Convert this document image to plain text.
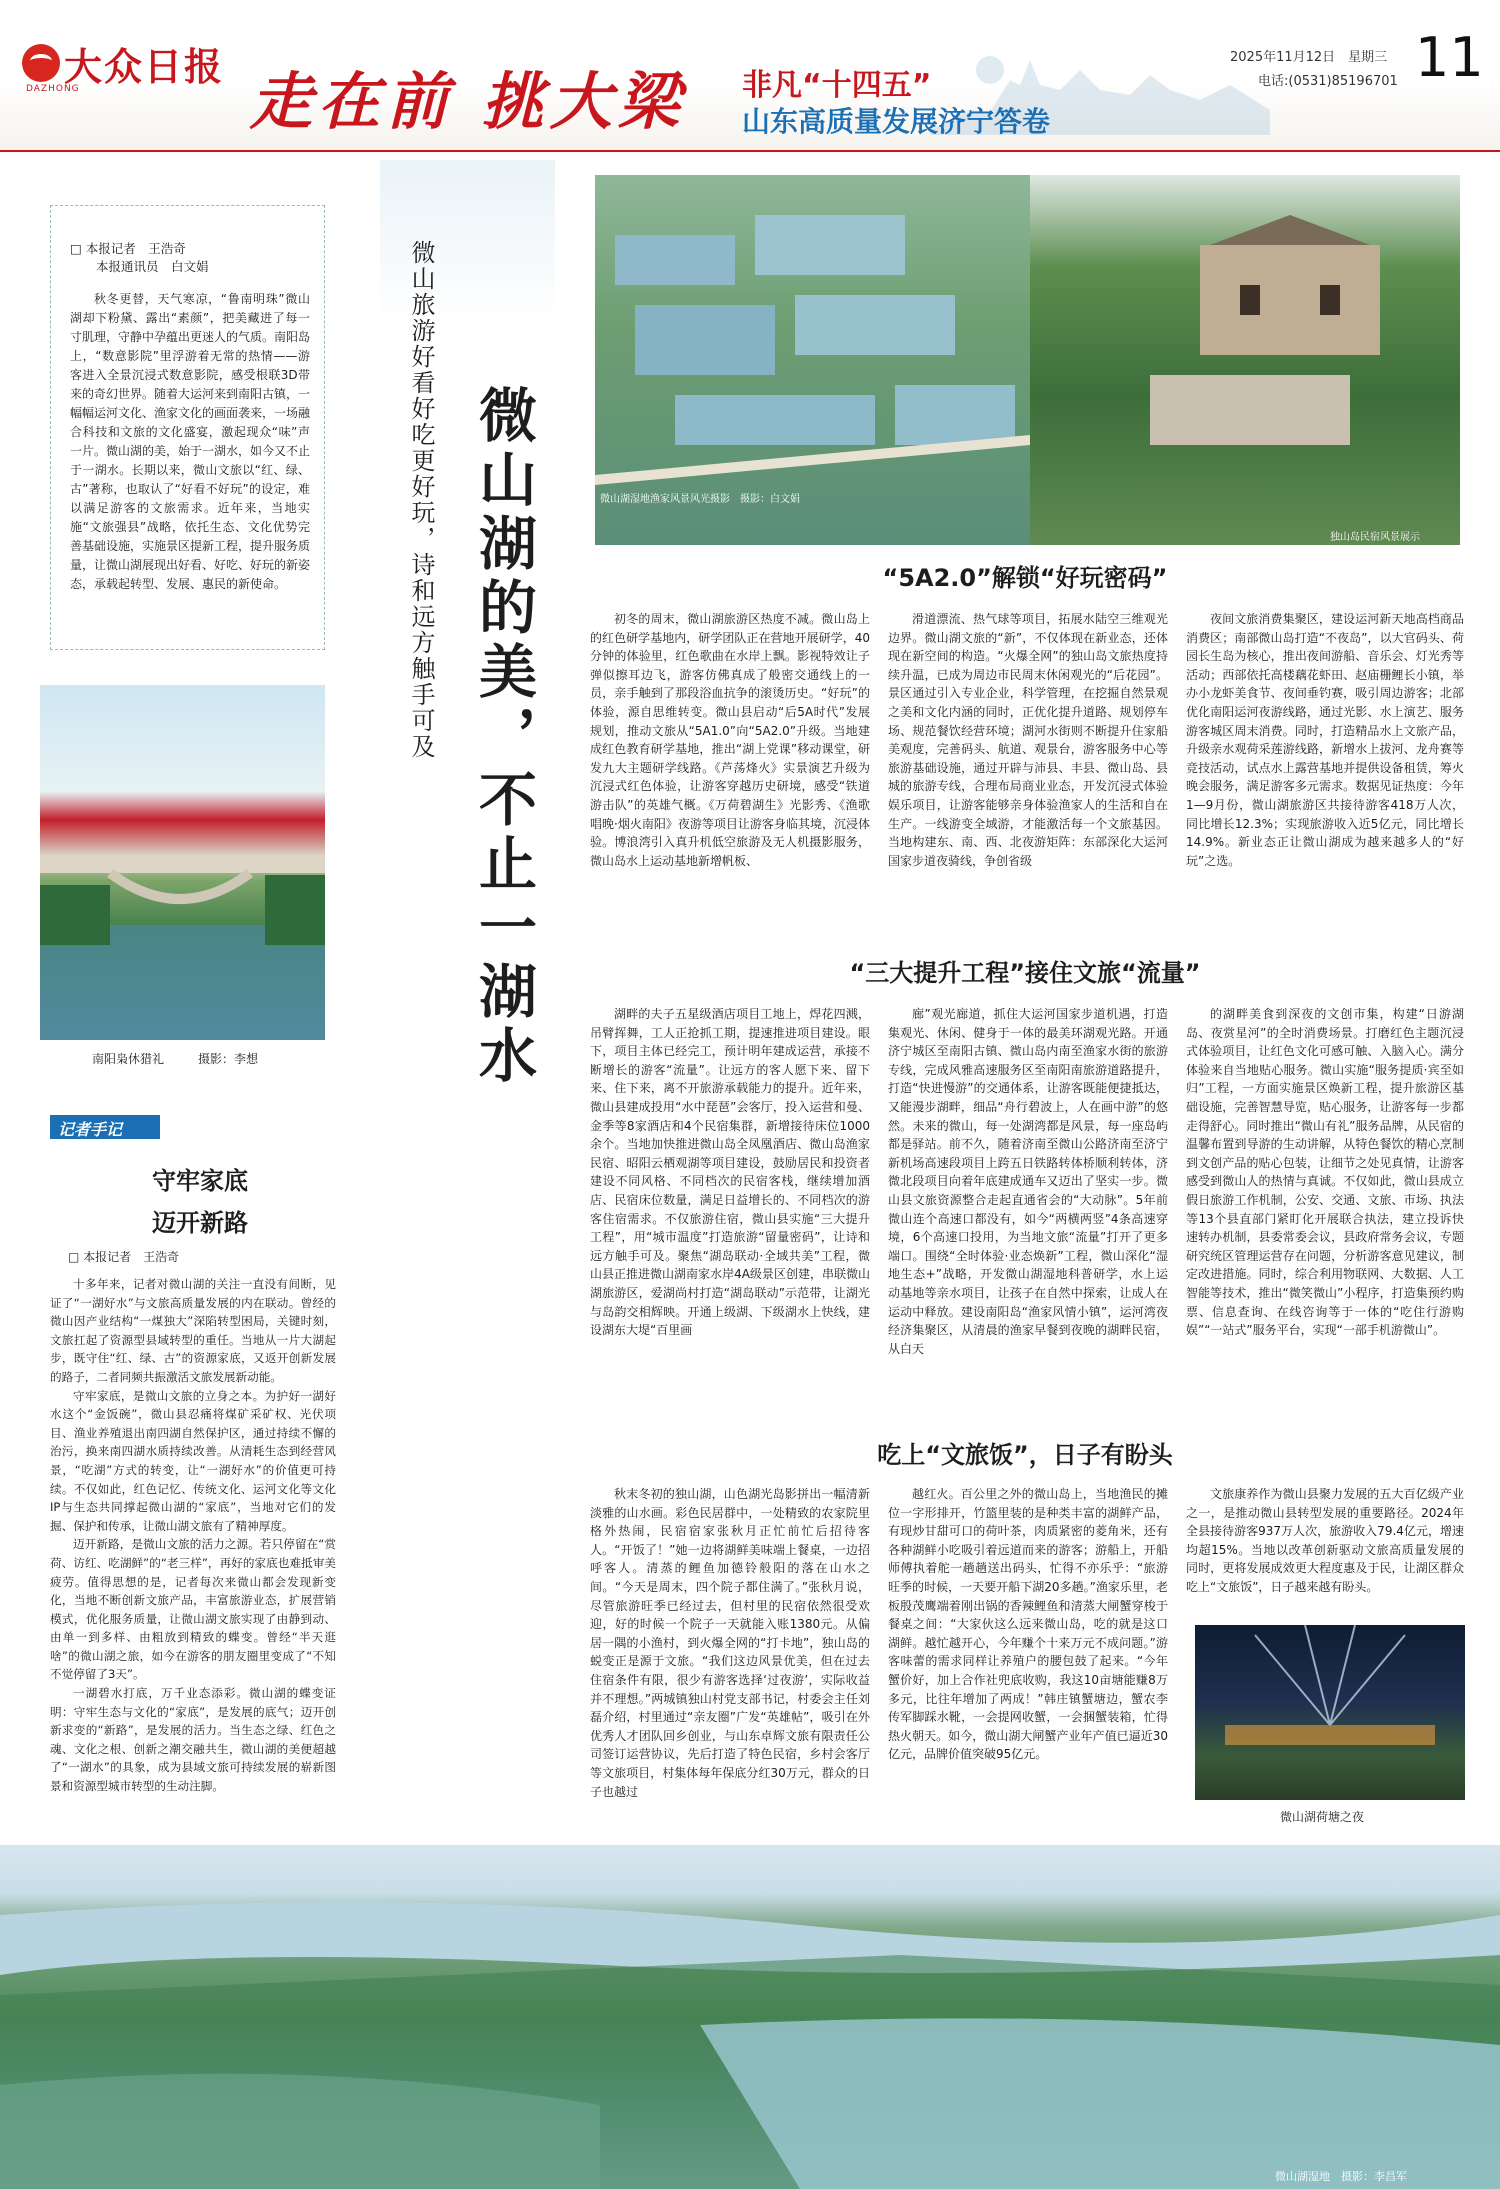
大众日报
DAZHONG	走在前 挑大梁 非凡“十四五”
山东高质量发展济宁答卷
2025年11月12日　星期三
电话:(0531)85196701 11
□ 本报记者　王浩奇
本报通讯员　白文娟
秋冬更替，天气寒凉，“鲁南明珠”微山湖却下粉黛、露出“素颜”，把美藏进了每一寸肌理，守静中孕蕴出更迷人的气质。南阳岛上，“数意影院”里浮游着无常的热情——游客进入全景沉浸式数意影院，感受根联3D带来的奇幻世界。随着大运河来到南阳古镇，一幅幅运河文化、渔家文化的画面袭来，一场融合科技和文旅的文化盛宴，激起现众“味”声一片。微山湖的美，始于一湖水，如今又不止于一湖水。长期以来，微山文旅以“红、绿、古”著称，也取认了“好看不好玩”的设定，难以满足游客的文旅需求。近年来，当地实施“文旅强县”战略，依托生态、文化优势完善基础设施，实施景区提新工程，提升服务质量，让微山湖展现出好看、好吃、好玩的新姿态，承载起转型、发展、惠民的新使命。
南阳枭休猎礼	摄影：李想
记者手记
守牢家底
迈开新路
□ 本报记者　王浩奇

十多年来，记者对微山湖的关注一直没有间断，见证了“一湖好水”与文旅高质量发展的内在联动。曾经的微山因产业结构“一煤独大”深陷转型困局，关键时刻，文旅扛起了资源型县域转型的重任。当地从一片大湖起步，既守住“红、绿、古”的资源家底，又返开创新发展的路子，二者同频共振激活文旅发展新动能。

守牢家底，是微山文旅的立身之本。为护好一湖好水这个“金饭碗”，微山县忍痛将煤矿采矿权、光伏项目、渔业养殖退出南四湖自然保护区，通过持续不懈的治污，换来南四湖水质持续改善。从清耗生态到经营风景，“吃湖”方式的转变，让“一湖好水”的价值更可持续。不仅如此，红色记忆、传统文化、运河文化等文化IP与生态共同撑起微山湖的“家底”，当地对它们的发掘、保护和传承，让微山湖文旅有了精神厚度。

迈开新路，是微山文旅的活力之源。若只停留在“赏荷、访红、吃湖鲜”的“老三样”，再好的家底也难抵审美疲劳。值得思想的是，记者每次来微山都会发现新变化，当地不断创新文旅产品，丰富旅游业态，扩展营销模式，优化服务质量，让微山湖文旅实现了由静到动、由单一到多样、由粗放到精致的蝶变。曾经“半天逛啥”的微山湖之旅，如今在游客的朋友圈里变成了“不知不觉停留了3天”。

一湖碧水打底，万千业态添彩。微山湖的蝶变证明：守牢生态与文化的“家底”，是发展的底气；迈开创新求变的“新路”，是发展的活力。当生态之绿、红色之魂、文化之根、创新之潮交融共生，微山湖的美便超越了“一湖水”的具象，成为县域文旅可持续发展的崭新图景和资源型城市转型的生动注脚。

微山旅游好看好吃更好玩，诗和远方触手可及 微山湖的美，不止一湖水	微山湖湿地渔家风景风光摄影　摄影：白文娟
独山岛民宿风景展示
“5A2.0”解锁“好玩密码”

初冬的周末，微山湖旅游区热度不减。微山岛上的红色研学基地内，研学团队正在营地开展研学，40分钟的体验里，红色歌曲在水岸上飘。影视特效让子弹似擦耳边飞，游客仿佛真成了般密交通线上的一员，亲手触到了那段浴血抗争的滚烫历史。“好玩”的体验，源自思维转变。微山县启动“后5A时代”发展规划，推动文旅从“5A1.0”向“5A2.0”升级。当地建成红色教育研学基地，推出“湖上党课”移动课堂，研发九大主题研学线路。《芦荡烽火》实景演艺升级为沉浸式红色体验，让游客穿越历史研境，感受“铁道游击队”的英雄气概。《万荷碧湖生》光影秀、《渔歌唱晚·烟火南阳》夜游等项目让游客身临其境，沉浸体验。博浪湾引入真升机低空旅游及无人机摄影服务，微山岛水上运动基地新增帆板、

滑道漂流、热气球等项目，拓展水陆空三维观光边界。微山湖文旅的“新”，不仅体现在新业态，还体现在新空间的构造。“火爆全网”的独山岛文旅热度持续升温，已成为周边市民周末休闲观光的“后花园”。景区通过引入专业企业，科学管理，在挖掘自然景观之美和文化内涵的同时，正优化提升道路、规划停车场、规范餐饮经营环境；湖河水街则不断提升住家船美观度，完善码头、航道、观景台，游客服务中心等旅游基础设施，通过开辟与沛县、丰县、微山岛、县城的旅游专线，合理布局商业业态，开发沉浸式体验娱乐项目，让游客能够亲身体验渔家人的生活和自在生产。一线游变全域游，才能激活每一个文旅基因。当地构建东、南、西、北夜游矩阵：东部深化大运河国家步道夜骑线，争创省级

夜间文旅消费集聚区，建设运河新天地高档商品消费区；南部微山岛打造“不夜岛”，以大官码头、荷园长生岛为核心，推出夜间游船、音乐会、灯光秀等活动；西部依托高楼藕花虾田、赵庙栅鲤长小镇，举办小龙虾美食节、夜间垂钓赛，吸引周边游客；北部优化南阳运河夜游线路，通过光影、水上演艺、服务游客城区周末消费。同时，打造精品水上文旅产品，升级亲水观荷采莲游线路，新增水上拔河、龙舟赛等竞技活动，试点水上露营基地并提供设备租赁，筹火晚会服务，满足游客多元需求。数据见证热度：今年1—9月份，微山湖旅游区共接待游客418万人次，同比增长12.3%；实现旅游收入近5亿元，同比增长14.9%。新业态正让微山湖成为越来越多人的“好玩”之选。

“三大提升工程”接住文旅“流量”

湖畔的夫子五星级酒店项目工地上，焊花四溅，吊臂挥舞，工人正抢抓工期，提速推进项目建设。眼下，项目主体已经完工，预计明年建成运营，承接不断增长的游客“流量”。让远方的客人愿下来、留下来、住下来，离不开旅游承载能力的提升。近年来，微山县建成投用“水中琵琶”会客厅，投入运营和曼、金季等8家酒店和4个民宿集群，新增接待床位1000余个。当地加快推进微山岛全凤凰酒店、微山岛渔家民宿、昭阳云栖观湖等项目建设，鼓励居民和投资者建设不同风格、不同档次的民宿客栈，继续增加酒店、民宿床位数量，满足日益增长的、不同档次的游客住宿需求。不仅旅游住宿，微山县实施“三大提升工程”，用“城市温度”打造旅游“留量密码”，让诗和远方触手可及。聚焦“湖岛联动·全域共美”工程，微山县正推进微山湖南家水岸4A级景区创建，串联微山湖旅游区，爱湖尚村打造“湖岛联动”示范带，让湖光与岛韵交相辉映。开通上级湖、下级湖水上快线，建设湖东大堤“百里画

廊”观光廊道，抓住大运河国家步道机遇，打造集观光、休闲、健身于一体的最美环湖观光路。开通济宁城区至南阳古镇、微山岛内南至渔家水街的旅游专线，完成风雅高速服务区至南阳南旅游道路提升，打造“快进慢游”的交通体系，让游客既能便捷抵达，又能漫步湖畔，细品“舟行碧波上，人在画中游”的悠然。未来的微山，每一处湖湾都是风景，每一座岛屿都是驿站。前不久，随着济南至微山公路济南至济宁新机场高速段项目上跨五日铁路转体桥顺利转体，济微北段项目向着年底建成通车又迈出了坚实一步。微山县文旅资源整合走起直通省会的“大动脉”。5年前微山连个高速口都没有，如今“两横两竖”4条高速穿境，6个高速口投用，为当地文旅“流量”打开了更多端口。围绕“全时体验·业态焕新”工程，微山深化“湿地生态+”战略，开发微山湖湿地科普研学，水上运动基地等亲水项目，让孩子在自然中探索，让成人在运动中释放。建设南阳岛“渔家风情小镇”，运河湾夜经济集聚区，从清晨的渔家早餐到夜晚的湖畔民宿，从白天

的湖畔美食到深夜的文创市集，构建“日游湖岛、夜赏星河”的全时消费场景。打磨红色主题沉浸式体验项目，让红色文化可感可触、入脑入心。满分体验来自当地贴心服务。微山实施“服务提质·宾至如归”工程，一方面实施景区焕新工程，提升旅游区基础设施，完善智慧导览，贴心服务，让游客每一步都走得舒心。同时推出“微山有礼”服务品牌，从民宿的温馨布置到导游的生动讲解，从特色餐饮的精心烹制到文创产品的贴心包装，让细节之处见真情，让游客感受到微山人的热情与真诚。不仅如此，微山县成立假日旅游工作机制，公安、交通、文旅、市场、执法等13个县直部门紧盯化开展联合执法，建立投诉快速转办机制，县委常委会议，县政府常务会议，专题研究统区管理运营存在问题，分析游客意见建议，制定改进措施。同时，综合利用物联网、大数据、人工智能等技术，推出“微笑微山”小程序，打造集预约购票、信息查询、在线咨询等于一体的“吃住行游购娱”“一站式”服务平台，实现“一部手机游微山”。

吃上“文旅饭”，日子有盼头

秋末冬初的独山湖，山色湖光岛影拼出一幅清新淡雅的山水画。彩色民居群中，一处精致的农家院里格外热闹，民宿宿家张秋月正忙前忙后招待客人。“开饭了！”她一边将湖鲜美味端上餐桌，一边招呼客人。清蒸的鲤鱼加德铃般阳的落在山水之间。“今天是周末，四个院子都住满了。”张秋月说，尽管旅游旺季已经过去，但村里的民宿依然很受欢迎，好的时候一个院子一天就能入账1380元。从偏居一隅的小渔村，到火爆全网的“打卡地”，独山岛的蜕变正是源于文旅。“我们这边风景优美，但在过去住宿条件有限，很少有游客选择‘过夜游’，实际收益并不理想。”两城镇独山村党支部书记，村委会主任刘磊介绍，村里通过“亲友圈”广发“英雄帖”，吸引在外优秀人才团队回乡创业，与山东卓辉文旅有限责任公司签订运营协议，先后打造了特色民宿，乡村会客厅等文旅项目，村集体每年保底分红30万元，群众的日子也越过

越红火。百公里之外的微山岛上，当地渔民的摊位一字形排开，竹篮里装的是种类丰富的湖鲜产品，有现炒甘甜可口的荷叶茶，肉质紧密的菱角米，还有各种湖鲜小吃吸引着远道而来的游客；游船上，开船师傅执着舵一趟趟送出码头，忙得不亦乐乎：“旅游旺季的时候，一天要开船下湖20多趟。”渔家乐里，老板殷茂鹰端着刚出锅的香辣鲤鱼和清蒸大闸蟹穿梭于餐桌之间：“大家伙这么远来微山岛，吃的就是这口湖鲜。越忙越开心，今年赚个十来万元不成问题。”游客味蕾的需求同样让养殖户的腰包鼓了起来。“今年蟹价好，加上合作社兜底收购，我这10亩塘能赚8万多元，比往年增加了两成！”韩庄镇蟹塘边，蟹农李传军脚踩水靴，一会提网收蟹，一会捆蟹装箱，忙得热火朝天。如今，微山湖大闸蟹产业年产值已逼近30亿元，品牌价值突破95亿元。

文旅康养作为微山县聚力发展的五大百亿级产业之一，是推动微山县转型发展的重要路径。2024年全县接待游客937万人次，旅游收入79.4亿元，增速均超15%。当地以改革创新驱动文旅高质量发展的同时，更将发展成效更大程度惠及于民，让湖区群众吃上“文旅饭”，日子越来越有盼头。

微山湖荷塘之夜
微山湖湿地　摄影：李昌军
